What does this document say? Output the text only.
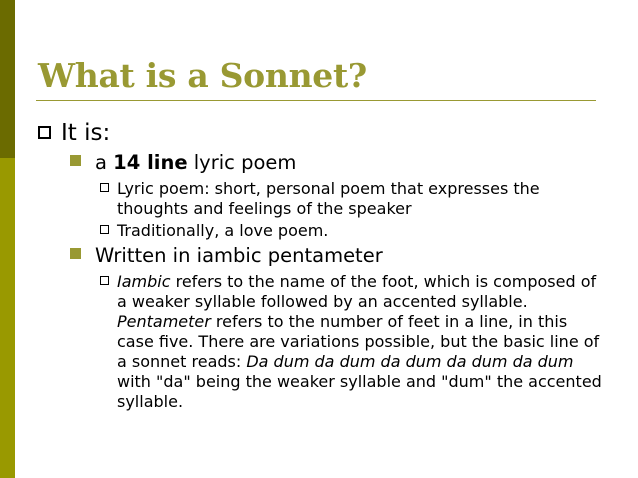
What is a Sonnet?
It is:
a 14 line lyric poem
Lyric poem: short, personal poem that expresses the thoughts and feelings of the speaker
Traditionally, a love poem.
Written in iambic pentameter
Iambic refers to the name of the foot, which is composed of a weaker syllable followed by an accented syllable. Pentameter refers to the number of feet in a line, in this case five. There are variations possible, but the basic line of a sonnet reads: Da dum da dum da dum da dum da dum with "da" being the weaker syllable and "dum" the accented syllable.
